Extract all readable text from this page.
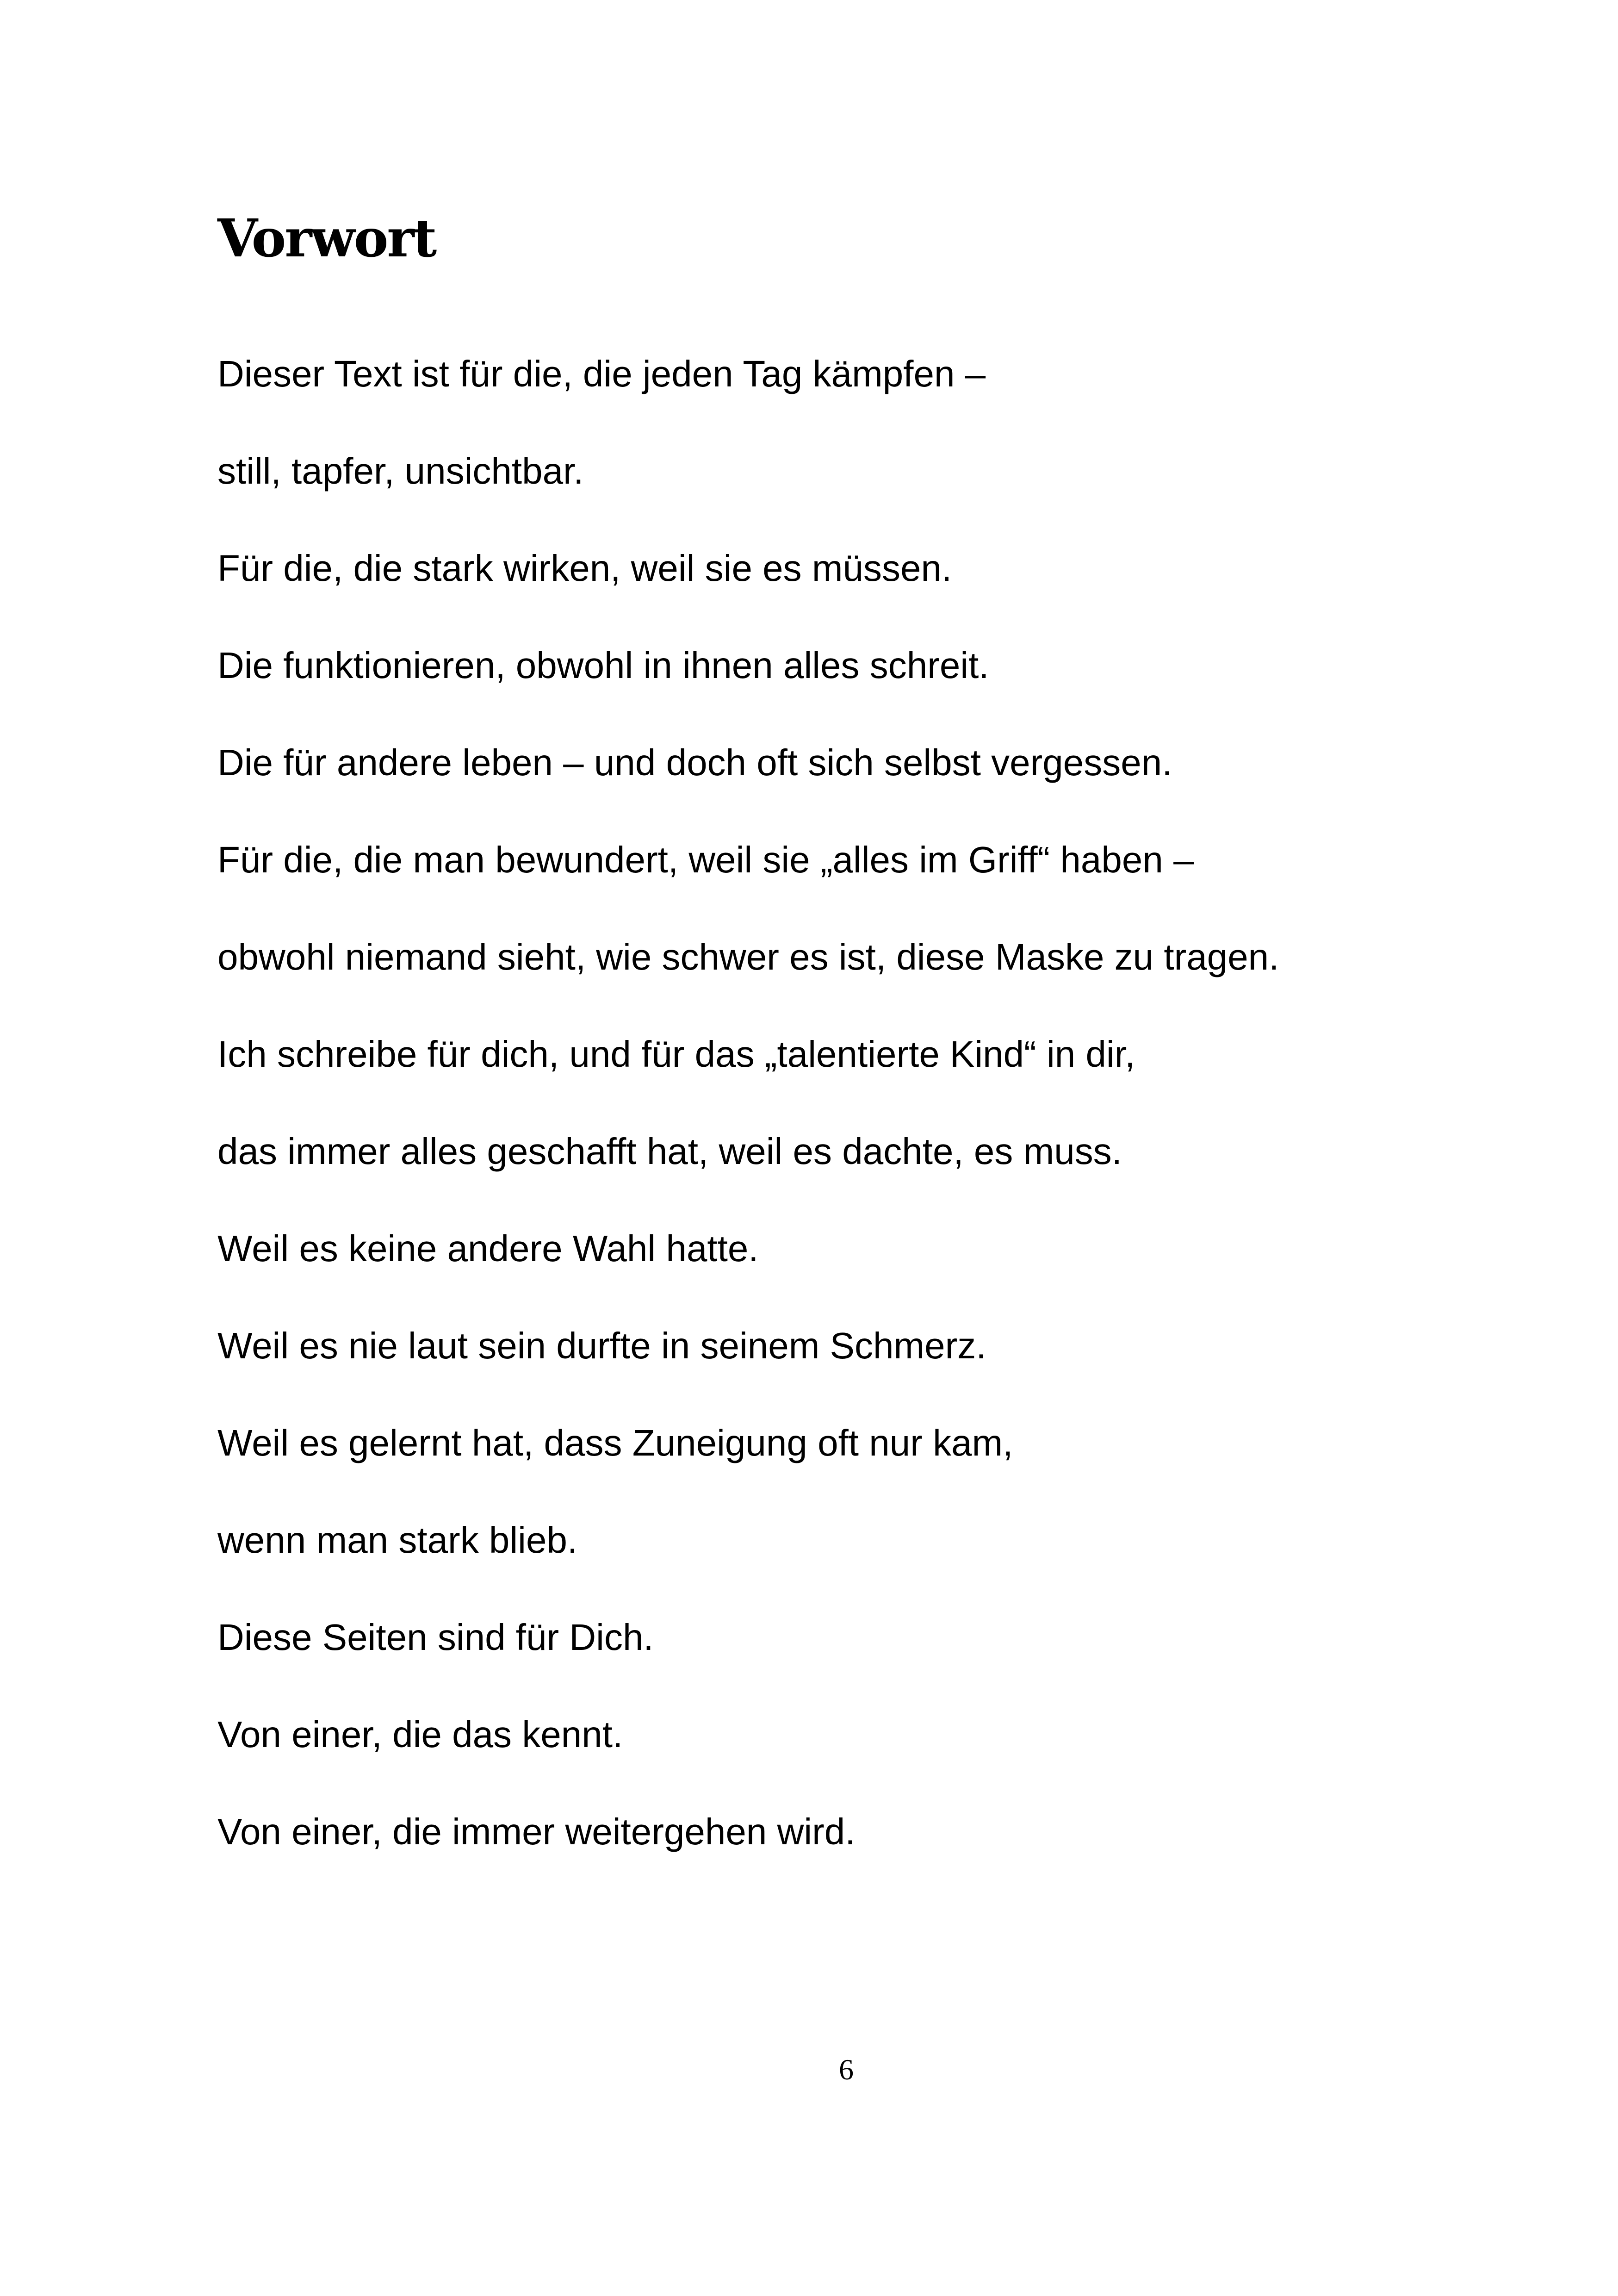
Vorwort

Dieser Text ist für die, die jeden Tag kämpfen –

still, tapfer, unsichtbar.

Für die, die stark wirken, weil sie es müssen.

Die funktionieren, obwohl in ihnen alles schreit.

Die für andere leben – und doch oft sich selbst vergessen.

Für die, die man bewundert, weil sie „alles im Griff“ haben –

obwohl niemand sieht, wie schwer es ist, diese Maske zu tragen.

Ich schreibe für dich, und für das „talentierte Kind“ in dir,

das immer alles geschafft hat, weil es dachte, es muss.

Weil es keine andere Wahl hatte.

Weil es nie laut sein durfte in seinem Schmerz.

Weil es gelernt hat, dass Zuneigung oft nur kam,

wenn man stark blieb.

Diese Seiten sind für Dich.

Von einer, die das kennt.

Von einer, die immer weitergehen wird.

6
